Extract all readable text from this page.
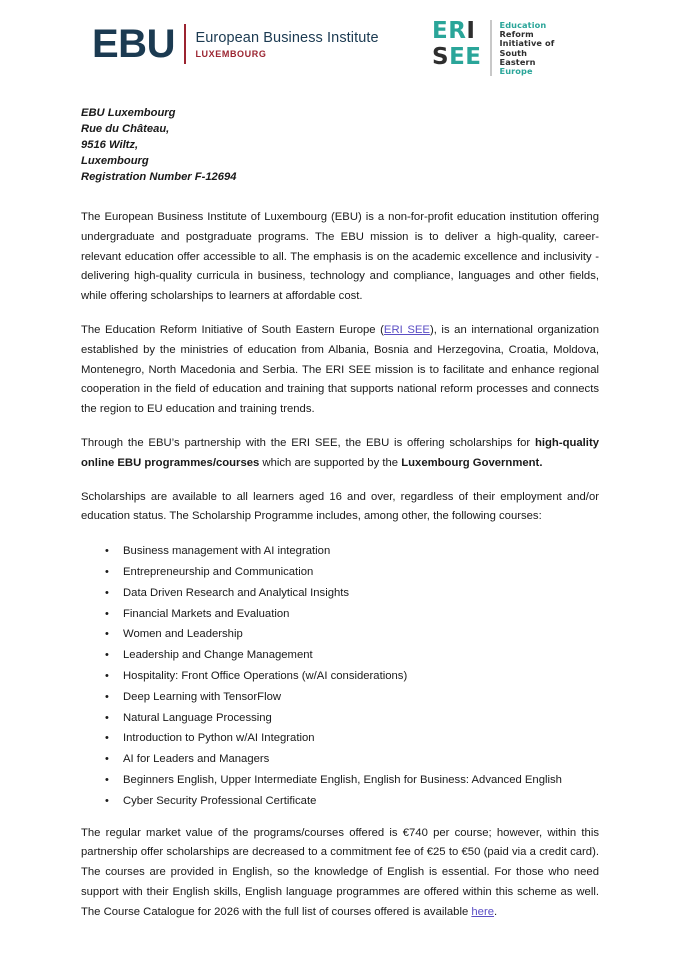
EBU	European Business Institute
LUXEMBOURG
ERI
SEE
Education
Reform
Initiative of
South
Eastern
Europe
EBU Luxembourg
Rue du Château,
9516 Wiltz,
Luxembourg
Registration Number F-12694

The European Business Institute of Luxembourg (EBU) is a non-for-profit education institution offering undergraduate and postgraduate programs. The EBU mission is to deliver a high-quality, career-relevant education offer accessible to all. The emphasis is on the academic excellence and inclusivity - delivering high-quality curricula in business, technology and compliance, languages and other fields, while offering scholarships to learners at affordable cost.

The Education Reform Initiative of South Eastern Europe (ERI SEE), is an international organization established by the ministries of education from Albania, Bosnia and Herzegovina, Croatia, Moldova, Montenegro, North Macedonia and Serbia. The ERI SEE mission is to facilitate and enhance regional cooperation in the field of education and training that supports national reform processes and connects the region to EU education and training trends.

Through the EBU’s partnership with the ERI SEE, the EBU is offering scholarships for high-quality online EBU programmes/courses which are supported by the Luxembourg Government.

Scholarships are available to all learners aged 16 and over, regardless of their employment and/or education status. The Scholarship Programme includes, among other, the following courses:

• Business management with AI integration
• Entrepreneurship and Communication
• Data Driven Research and Analytical Insights
• Financial Markets and Evaluation
• Women and Leadership
• Leadership and Change Management
• Hospitality: Front Office Operations (w/AI considerations)
• Deep Learning with TensorFlow
• Natural Language Processing
• Introduction to Python w/AI Integration
• AI for Leaders and Managers
• Beginners English, Upper Intermediate English, English for Business: Advanced English
• Cyber Security Professional Certificate

The regular market value of the programs/courses offered is €740 per course; however, within this partnership offer scholarships are decreased to a commitment fee of €25 to €50 (paid via a credit card). The courses are provided in English, so the knowledge of English is essential. For those who need support with their English skills, English language programmes are offered within this scheme as well. The Course Catalogue for 2026 with the full list of courses offered is available here.
